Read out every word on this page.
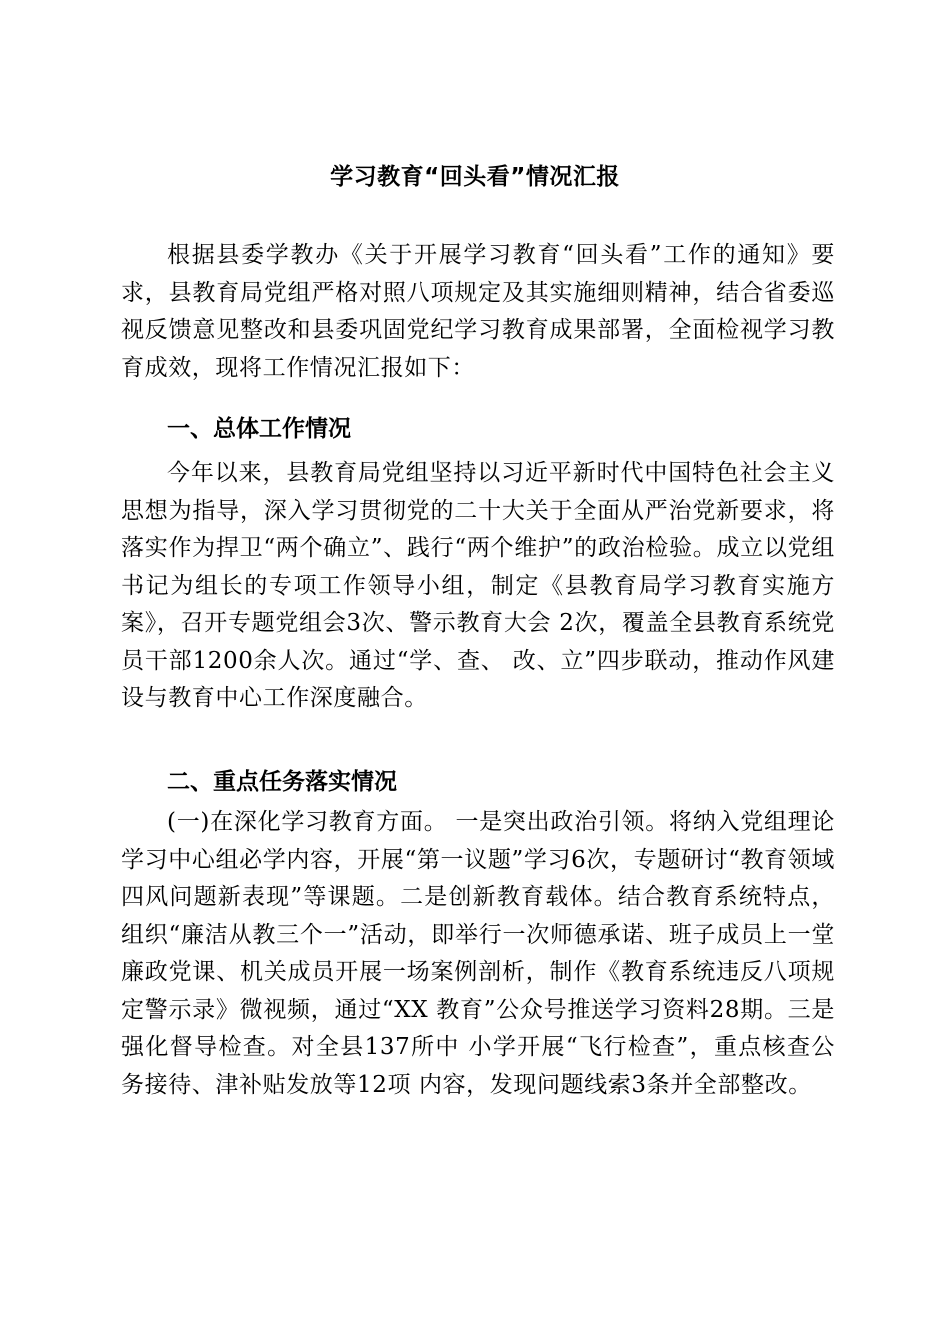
学习教育“回头看”情况汇报

根据县委学教办《关于开展学习教育“回头看”工作的通知》要求，县教育局党组严格对照八项规定及其实施细则精神，结合省委巡视反馈意见整改和县委巩固党纪学习教育成果部署，全面检视学习教育成效，现将工作情况汇报如下：

一、总体工作情况

今年以来，县教育局党组坚持以习近平新时代中国特色社会主义思想为指导，深入学习贯彻党的二十大关于全面从严治党新要求，将落实作为捍卫“两个确立”、践行“两个维护”的政治检验。成立以党组书记为组长的专项工作领导小组，制定《县教育局学习教育实施方案》，召开专题党组会3次、警示教育大会 2次，覆盖全县教育系统党员干部1200余人次。通过“学、查、 改、立”四步联动，推动作风建设与教育中心工作深度融合。

二、重点任务落实情况

(一)在深化学习教育方面。 一是突出政治引领。将纳入党组理论学习中心组必学内容，开展“第一议题”学习6次，专题研讨“教育领域四风问题新表现”等课题。二是创新教育载体。结合教育系统特点，组织“廉洁从教三个一”活动，即举行一次师德承诺、班子成员上一堂廉政党课、机关成员开展一场案例剖析，制作《教育系统违反八项规定警示录》微视频，通过“XX 教育”公众号推送学习资料28期。三是强化督导检查。对全县137所中 小学开展“飞行检查”，重点核查公务接待、津补贴发放等12项 内容，发现问题线索3条并全部整改。
